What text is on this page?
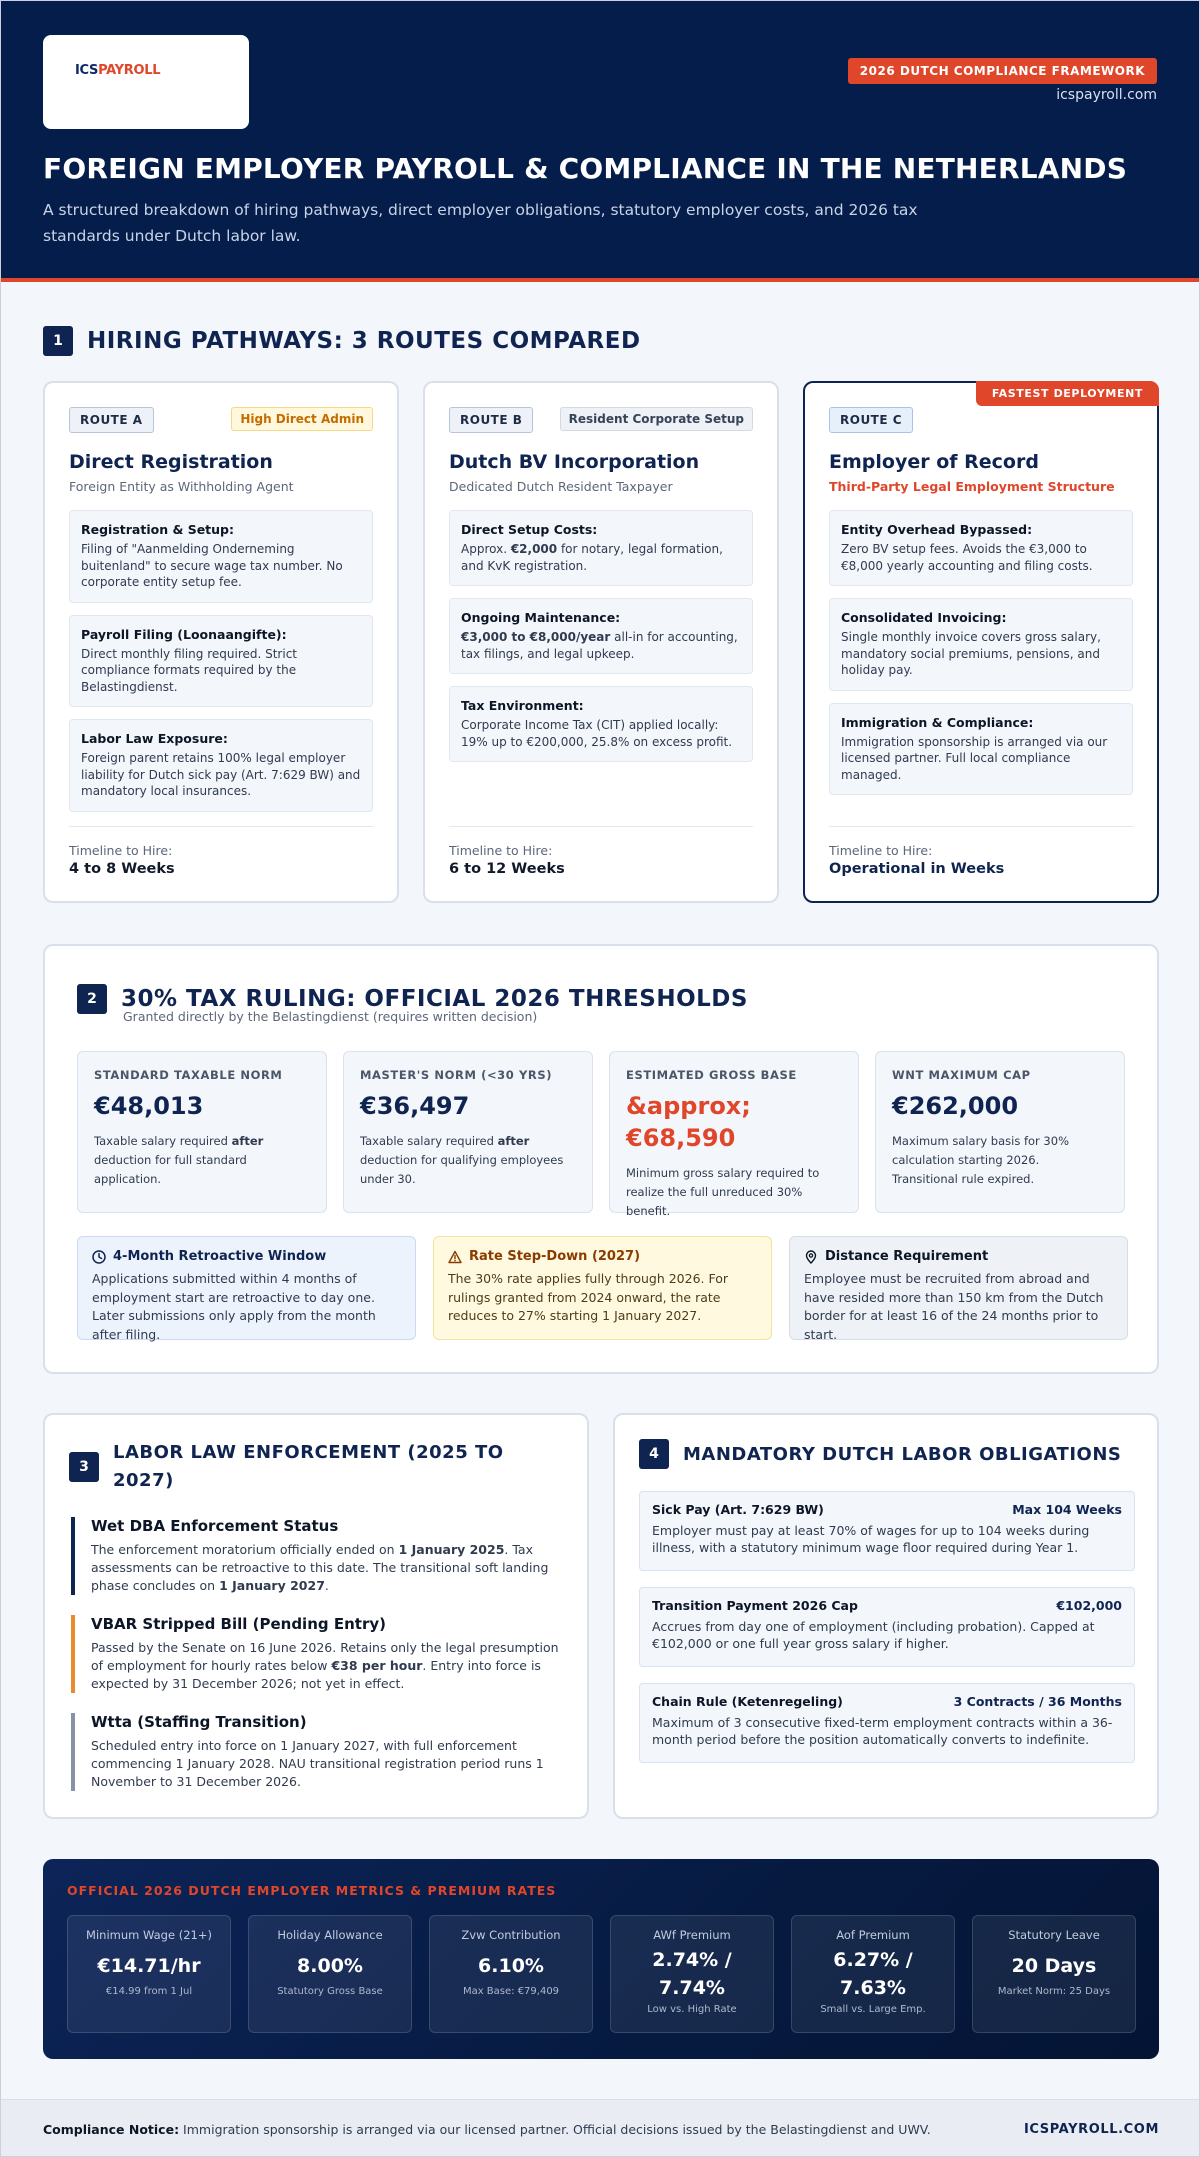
ICSPAYROLL	2026 DUTCH COMPLIANCE FRAMEWORK
icspayroll.com
FOREIGN EMPLOYER PAYROLL & COMPLIANCE IN THE NETHERLANDS

A structured breakdown of hiring pathways, direct employer obligations, statutory employer costs, and 2026 tax standards under Dutch labor law.

1	HIRING PATHWAYS: 3 ROUTES COMPARED
ROUTE A	High Direct Admin
Direct Registration
Foreign Entity as Withholding Agent
Registration & Setup:

Filing of "Aanmelding Onderneming buitenland" to secure wage tax number. No corporate entity setup fee.

Payroll Filing (Loonaangifte):

Direct monthly filing required. Strict compliance formats required by the Belastingdienst.

Labor Law Exposure:

Foreign parent retains 100% legal employer liability for Dutch sick pay (Art. 7:629 BW) and mandatory local insurances.

Timeline to Hire:
4 to 8 Weeks
ROUTE B	Resident Corporate Setup
Dutch BV Incorporation
Dedicated Dutch Resident Taxpayer
Direct Setup Costs:

Approx. €2,000 for notary, legal formation, and KvK registration.

Ongoing Maintenance:

€3,000 to €8,000/year all-in for accounting, tax filings, and legal upkeep.

Tax Environment:

Corporate Income Tax (CIT) applied locally: 19% up to €200,000, 25.8% on excess profit.

Timeline to Hire:
6 to 12 Weeks
FASTEST DEPLOYMENT
ROUTE C
Employer of Record
Third-Party Legal Employment Structure
Entity Overhead Bypassed:

Zero BV setup fees. Avoids the €3,000 to €8,000 yearly accounting and filing costs.

Consolidated Invoicing:

Single monthly invoice covers gross salary, mandatory social premiums, pensions, and holiday pay.

Immigration & Compliance:

Immigration sponsorship is arranged via our licensed partner. Full local compliance managed.

Timeline to Hire:
Operational in Weeks
2	30% TAX RULING: OFFICIAL 2026 THRESHOLDS
Granted directly by the Belastingdienst (requires written decision)
STANDARD TAXABLE NORM
€48,013
Taxable salary required after deduction for full standard application.
MASTER'S NORM (<30 YRS)
€36,497
Taxable salary required after deduction for qualifying employees under 30.
ESTIMATED GROSS BASE
&approx; €68,590
Minimum gross salary required to realize the full unreduced 30% benefit.
WNT MAXIMUM CAP
€262,000
Maximum salary basis for 30% calculation starting 2026. Transitional rule expired.
4-Month Retroactive Window

Applications submitted within 4 months of employment start are retroactive to day one. Later submissions only apply from the month after filing.

Rate Step-Down (2027)

The 30% rate applies fully through 2026. For rulings granted from 2024 onward, the rate reduces to 27% starting 1 January 2027.

Distance Requirement

Employee must be recruited from abroad and have resided more than 150 km from the Dutch border for at least 16 of the 24 months prior to start.

3
LABOR LAW ENFORCEMENT (2025 TO
2027)
Wet DBA Enforcement Status

The enforcement moratorium officially ended on 1 January 2025. Tax assessments can be retroactive to this date. The transitional soft landing phase concludes on 1 January 2027.

VBAR Stripped Bill (Pending Entry)

Passed by the Senate on 16 June 2026. Retains only the legal presumption of employment for hourly rates below €38 per hour. Entry into force is expected by 31 December 2026; not yet in effect.

Wtta (Staffing Transition)

Scheduled entry into force on 1 January 2027, with full enforcement commencing 1 January 2028. NAU transitional registration period runs 1 November to 31 December 2026.

4	MANDATORY DUTCH LABOR OBLIGATIONS
Sick Pay (Art. 7:629 BW)	Max 104 Weeks

Employer must pay at least 70% of wages for up to 104 weeks during illness, with a statutory minimum wage floor required during Year 1.

Transition Payment 2026 Cap	€102,000

Accrues from day one of employment (including probation). Capped at €102,000 or one full year gross salary if higher.

Chain Rule (Ketenregeling)	3 Contracts / 36 Months

Maximum of 3 consecutive fixed-term employment contracts within a 36-month period before the position automatically converts to indefinite.

OFFICIAL 2026 DUTCH EMPLOYER METRICS & PREMIUM RATES
Minimum Wage (21+)
€14.71/hr
€14.99 from 1 Jul
Holiday Allowance
8.00%
Statutory Gross Base
Zvw Contribution
6.10%
Max Base: €79,409
AWf Premium
2.74% / 7.74%
Low vs. High Rate
Aof Premium
6.27% / 7.63%
Small vs. Large Emp.
Statutory Leave
20 Days
Market Norm: 25 Days
Compliance Notice: Immigration sponsorship is arranged via our licensed partner. Official decisions issued by the Belastingdienst and UWV.	ICSPAYROLL.COM
